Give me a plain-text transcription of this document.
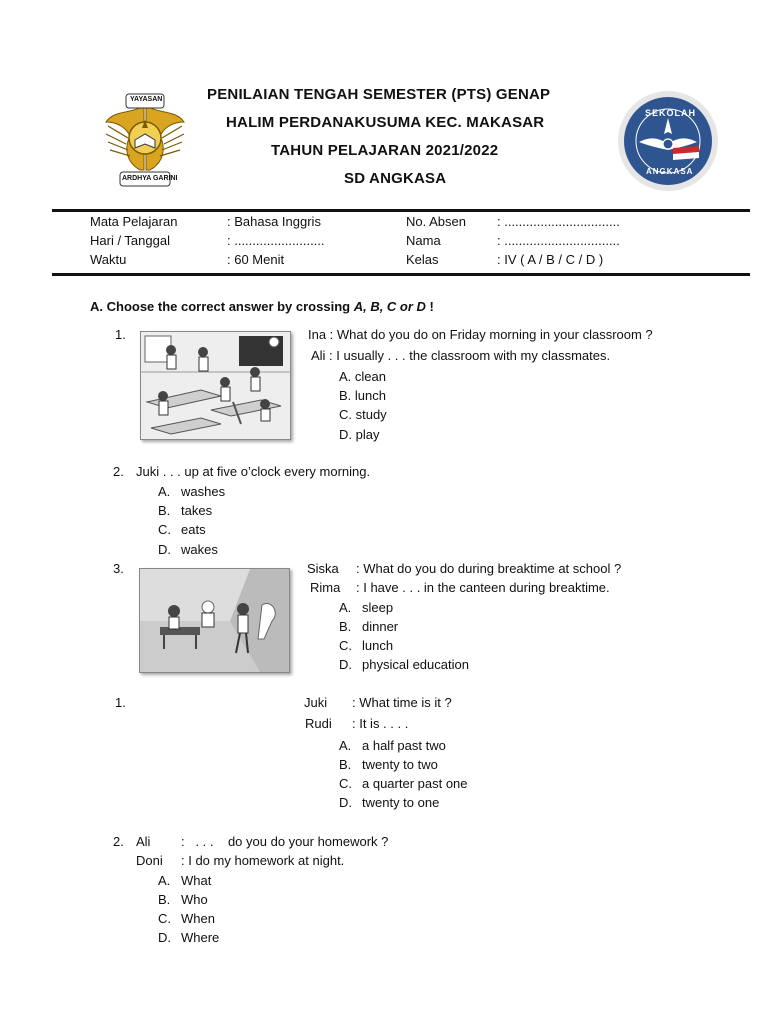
YAYASAN
ARDHYA GARINI
PENILAIAN TENGAH SEMESTER (PTS) GENAP
HALIM PERDANAKUSUMA KEC. MAKASAR
TAHUN PELAJARAN 2021/2022
SD ANGKASA
SEKOLAH
ANGKASA
Mata Pelajaran	: Bahasa Inggris	No. Absen : ................................
Hari / Tanggal	: .........................	Nama	: ................................
Waktu	: 60 Menit	Kelas	: IV ( A / B / C / D )
A. Choose the correct answer by crossing A, B, C or D !
1.	Ina : What do you do on Friday morning in your classroom ?
Ali : I usually . . . the classroom with my classmates.
A. clean
B. lunch
C. study
D. play
2. Juki . . . up at five o’clock every morning.
A. washes
B. takes
C. eats
D. wakes
3.	Siska : What do you do during breaktime at school ?
Rima : I have . . . in the canteen during breaktime.
A. sleep
B. dinner
C. lunch
D. physical education
1.	Juki : What time is it ?
Rudi : It is . . . .
A. a half past two
B. twenty to two
C. a quarter past one
D. twenty to one
2. Ali :   . . .    do you do your homework ?
Doni : I do my homework at night.
A. What
B. Who
C. When
D. Where
